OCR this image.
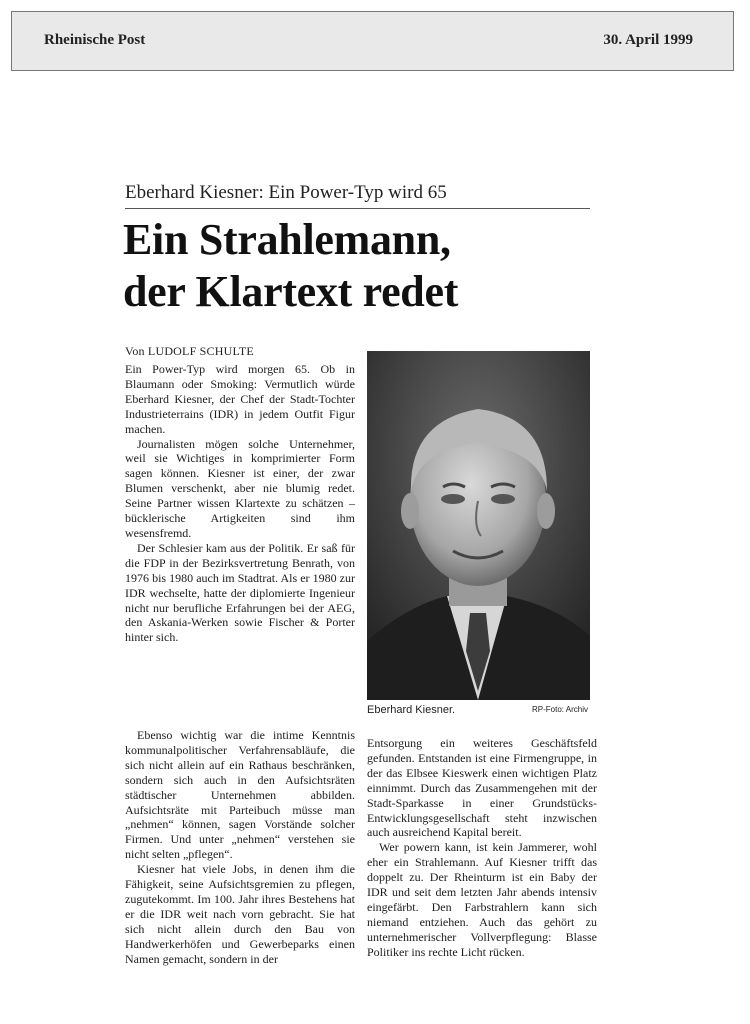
Rheinische Post	30. April 1999
Eberhard Kiesner: Ein Power-Typ wird 65
Ein Strahlemann,
der Klartext redet
Von LUDOLF SCHULTE

Ein Power-Typ wird morgen 65. Ob in Blaumann oder Smoking: Vermutlich würde Eberhard Kiesner, der Chef der Stadt-Tochter Industrieterrains (IDR) in jedem Outfit Figur machen.

Journalisten mögen solche Unternehmer, weil sie Wichtiges in komprimierter Form sagen können. Kiesner ist einer, der zwar Blumen verschenkt, aber nie blumig redet. Seine Partner wissen Klartexte zu schätzen – bücklerische Artigkeiten sind ihm wesensfremd.

Der Schlesier kam aus der Politik. Er saß für die FDP in der Bezirksvertretung Benrath, von 1976 bis 1980 auch im Stadtrat. Als er 1980 zur IDR wechselte, hatte der diplomierte Ingenieur nicht nur berufliche Erfahrungen bei der AEG, den Askania-Werken sowie Fischer & Porter hinter sich.

Ebenso wichtig war die intime Kenntnis kommunalpolitischer Verfahrensabläufe, die sich nicht allein auf ein Rathaus beschränken, sondern sich auch in den Aufsichtsräten städtischer Unternehmen abbilden. Aufsichtsräte mit Parteibuch müsse man „nehmen“ können, sagen Vorstände solcher Firmen. Und unter „nehmen“ verstehen sie nicht selten „pflegen“.

Kiesner hat viele Jobs, in denen ihm die Fähigkeit, seine Aufsichtsgremien zu pflegen, zugutekommt. Im 100. Jahr ihres Bestehens hat er die IDR weit nach vorn gebracht. Sie hat sich nicht allein durch den Bau von Handwerkerhöfen und Gewerbeparks einen Namen gemacht, sondern in der

Eberhard Kiesner.	RP-Foto: Archiv

Entsorgung ein weiteres Geschäftsfeld gefunden. Entstanden ist eine Firmengruppe, in der das Elbsee Kieswerk einen wichtigen Platz einnimmt. Durch das Zusammengehen mit der Stadt-Sparkasse in einer Grundstücks-Entwicklungsgesellschaft steht inzwischen auch ausreichend Kapital bereit.

Wer powern kann, ist kein Jammerer, wohl eher ein Strahlemann. Auf Kiesner trifft das doppelt zu. Der Rheinturm ist ein Baby der IDR und seit dem letzten Jahr abends intensiv eingefärbt. Den Farbstrahlern kann sich niemand entziehen. Auch das gehört zu unternehmerischer Vollverpflegung: Blasse Politiker ins rechte Licht rücken.
